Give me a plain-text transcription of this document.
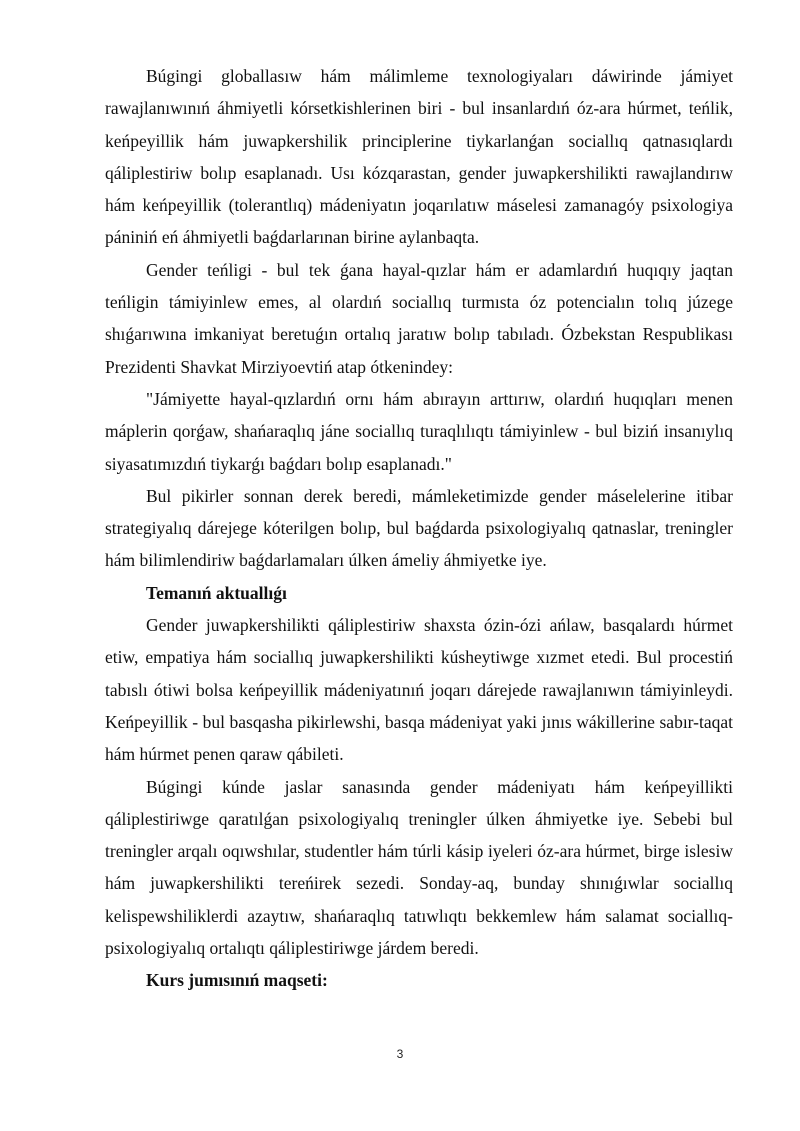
Búgingi globallasıw hám málimleme texnologiyaları dáwirinde jámiyet rawajlanıwınıń áhmiyetli kórsetkishlerinen biri - bul insanlardıń óz-ara húrmet, teńlik, keńpeyillik hám juwapkershilik principlerine tiykarlanǵan sociallıq qatnasıqlardı qáliplestiriw bolıp esaplanadı. Usı kózqarastan, gender juwapkershilikti rawajlandırıw hám keńpeyillik (tolerantlıq) mádeniyatın joqarılatıw máselesi zamanagóy psixologiya pániniń eń áhmiyetli baǵdarlarınan birine aylanbaqta.

Gender teńligi - bul tek ǵana hayal-qızlar hám er adamlardıń huqıqıy jaqtan teńligin támiyinlew emes, al olardıń sociallıq turmısta óz potencialın tolıq júzege shıǵarıwına imkaniyat beretuǵın ortalıq jaratıw bolıp tabıladı. Ózbekstan Respublikası Prezidenti Shavkat Mirziyoevtiń atap ótkenindey:

"Jámiyette hayal-qızlardıń ornı hám abırayın arttırıw, olardıń huqıqları menen máplerin qorǵaw, shańaraqlıq jáne sociallıq turaqlılıqtı támiyinlew - bul biziń insanıylıq siyasatımızdıń tiykarǵı baǵdarı bolıp esaplanadı."

Bul pikirler sonnan derek beredi, mámleketimizde gender máselelerine itibar strategiyalıq dárejege kóterilgen bolıp, bul baǵdarda psixologiyalıq qatnaslar, treningler hám bilimlendiriw baǵdarlamaları úlken ámeliy áhmiyetke iye.

Temanıń aktuallıǵı

Gender juwapkershilikti qáliplestiriw shaxsta ózin-ózi ańlaw, basqalardı húrmet etiw, empatiya hám sociallıq juwapkershilikti kúsheytiwge xızmet etedi. Bul procestiń tabıslı ótiwi bolsa keńpeyillik mádeniyatınıń joqarı dárejede rawajlanıwın támiyinleydi. Keńpeyillik - bul basqasha pikirlewshi, basqa mádeniyat yaki jınıs wákillerine sabır-taqat hám húrmet penen qaraw qábileti.

Búgingi kúnde jaslar sanasında gender mádeniyatı hám keńpeyillikti qáliplestiriwge qaratılǵan psixologiyalıq treningler úlken áhmiyetke iye. Sebebi bul treningler arqalı oqıwshılar, studentler hám túrli kásip iyeleri óz-ara húrmet, birge islesiw hám juwapkershilikti tereńirek sezedi. Sonday-aq, bunday shınıǵıwlar sociallıq kelispewshiliklerdi azaytıw, shańaraqlıq tatıwlıqtı bekkemlew hám salamat sociallıq-psixologiyalıq ortalıqtı qáliplestiriwge járdem beredi.

Kurs jumısınıń maqseti:

3
